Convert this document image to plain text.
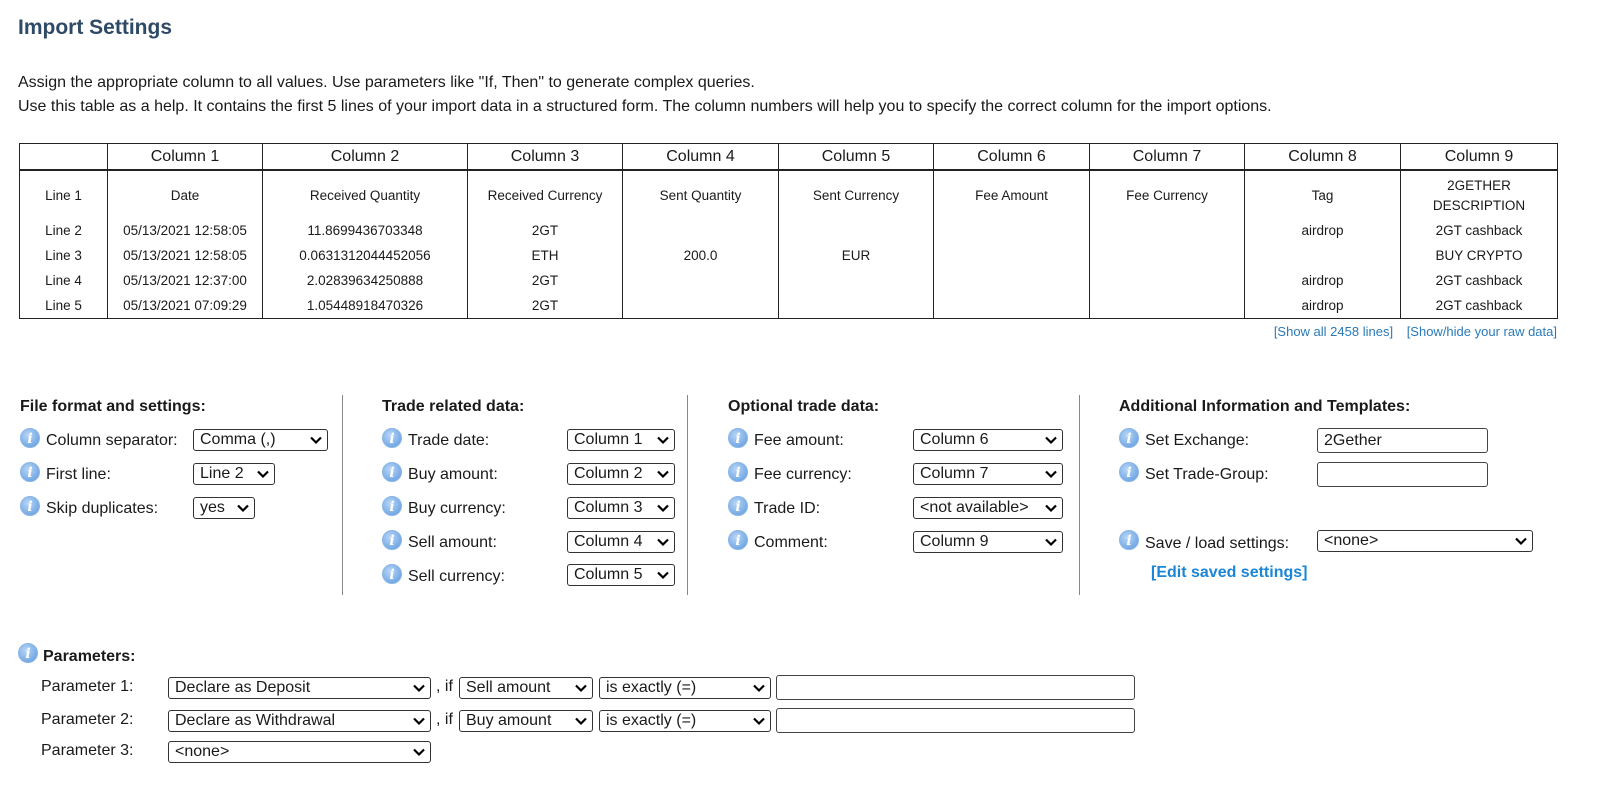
Import Settings
Assign the appropriate column to all values. Use parameters like "If, Then" to generate complex queries.
Use this table as a help. It contains the first 5 lines of your import data in a structured form. The column numbers will help you to specify the correct column for the import options.
	Column 1	Column 2	Column 3	Column 4	Column 5	Column 6	Column 7	Column 8	Column 9
Line 1	Date	Received Quantity	Received Currency	Sent Quantity	Sent Currency	Fee Amount	Fee Currency	Tag	2GETHER DESCRIPTION
Line 2	05/13/2021 12:58:05	11.8699436703348	2GT					airdrop	2GT cashback
Line 3	05/13/2021 12:58:05	0.0631312044452056	ETH	200.0	EUR				BUY CRYPTO
Line 4	05/13/2021 12:37:00	2.02839634250888	2GT					airdrop	2GT cashback
Line 5	05/13/2021 07:09:29	1.05448918470326	2GT					airdrop	2GT cashback
[Show all 2458 lines] [Show/hide your raw data]
File format and settings:
i Column separator:	Comma (,)
i First line:	Line 2
i Skip duplicates:	yes
Trade related data:
i Trade date:	Column 1
i Buy amount:	Column 2
i Buy currency:	Column 3
i Sell amount:	Column 4
i Sell currency:	Column 5
Optional trade data:
i Fee amount:	Column 6
i Fee currency:	Column 7
i Trade ID:	<not available>
i Comment:	Column 9
Additional Information and Templates:
i Set Exchange:	2Gether
i Set Trade-Group:
i Save / load settings:	<none>
[Edit saved settings]
i Parameters:
Parameter 1:	Declare as Deposit	, if Sell amount	is exactly (=)
Parameter 2:	Declare as Withdrawal	, if Buy amount	is exactly (=)
Parameter 3:	<none>
